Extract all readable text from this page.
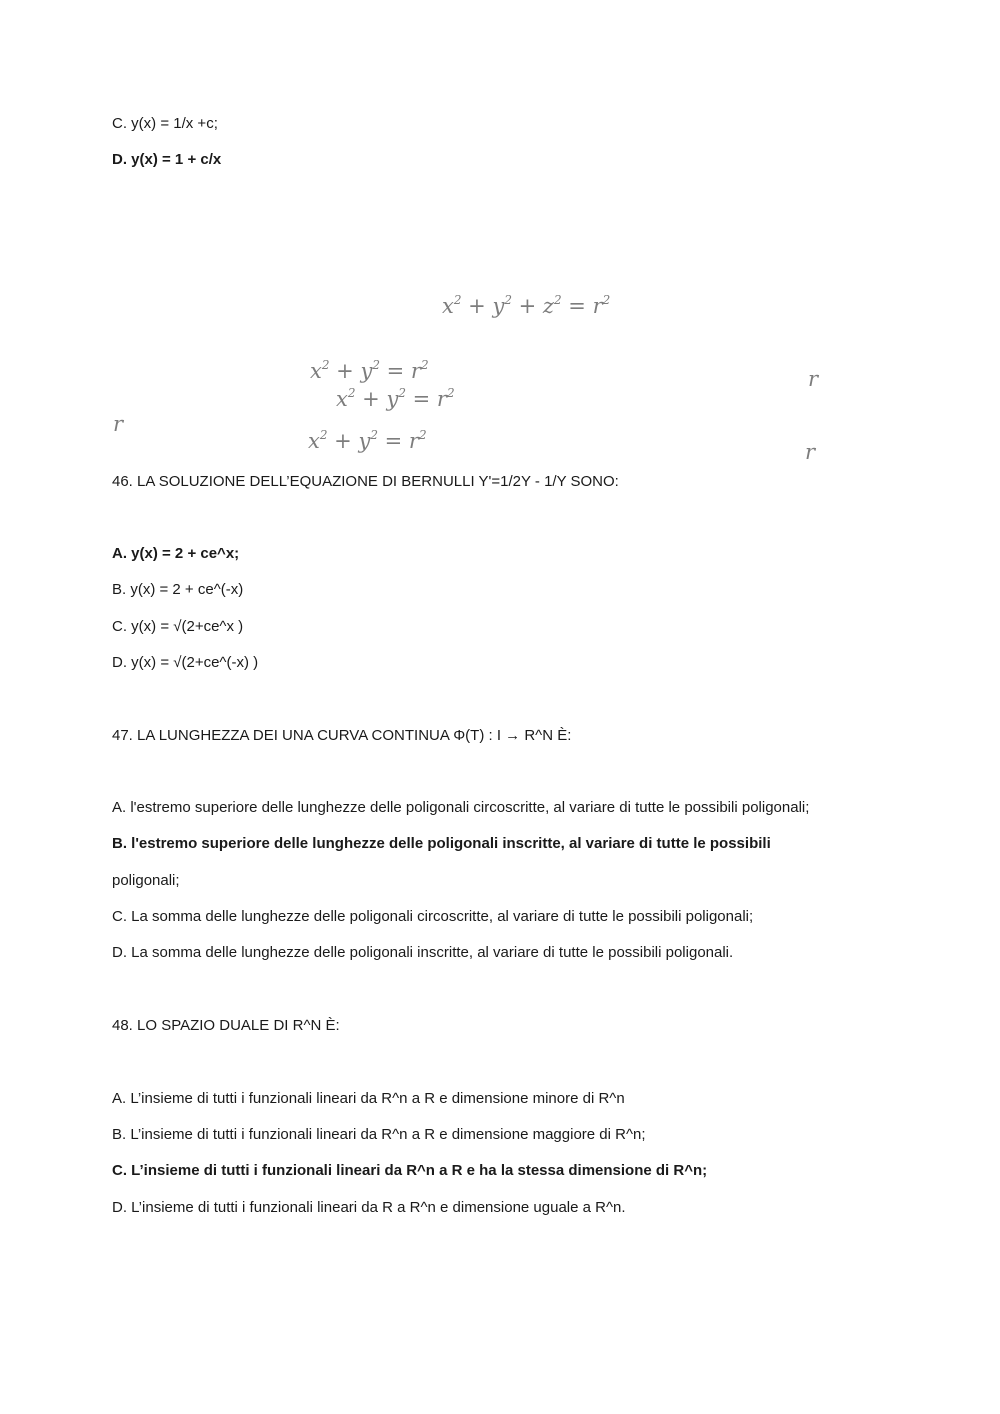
C. y(x) = 1/x +c;
D. y(x) = 1 + c/x
$x^2 + y^2 + z^2 = r^2$
$x^2 + y^2 = r^2$
$x^2 + y^2 = r^2$
$x^2 + y^2 = r^2$
r
r
r
46. LA SOLUZIONE DELL’EQUAZIONE DI BERNULLI Y'=1/2Y - 1/Y SONO:
A. y(x) = 2 + ce^x;
B. y(x) = 2 + ce^(-x)
C. y(x) = √(2+ce^x )
D. y(x) = √(2+ce^(-x) )
47. LA LUNGHEZZA DEI UNA CURVA CONTINUA Φ(T) : I → R^N È:
A. l'estremo superiore delle lunghezze delle poligonali circoscritte, al variare di tutte le possibili poligonali;
B. l'estremo superiore delle lunghezze delle poligonali inscritte, al variare di tutte le possibili
poligonali;
C. La somma delle lunghezze delle poligonali circoscritte, al variare di tutte le possibili poligonali;
D. La somma delle lunghezze delle poligonali inscritte, al variare di tutte le possibili poligonali.
48. LO SPAZIO DUALE DI R^N È:
A. L’insieme di tutti i funzionali lineari da R^n a R e dimensione minore di R^n
B. L’insieme di tutti i funzionali lineari da R^n a R e dimensione maggiore di R^n;
C. L’insieme di tutti i funzionali lineari da R^n a R e ha la stessa dimensione di R^n;
D. L’insieme di tutti i funzionali lineari da R a R^n e dimensione uguale a R^n.
